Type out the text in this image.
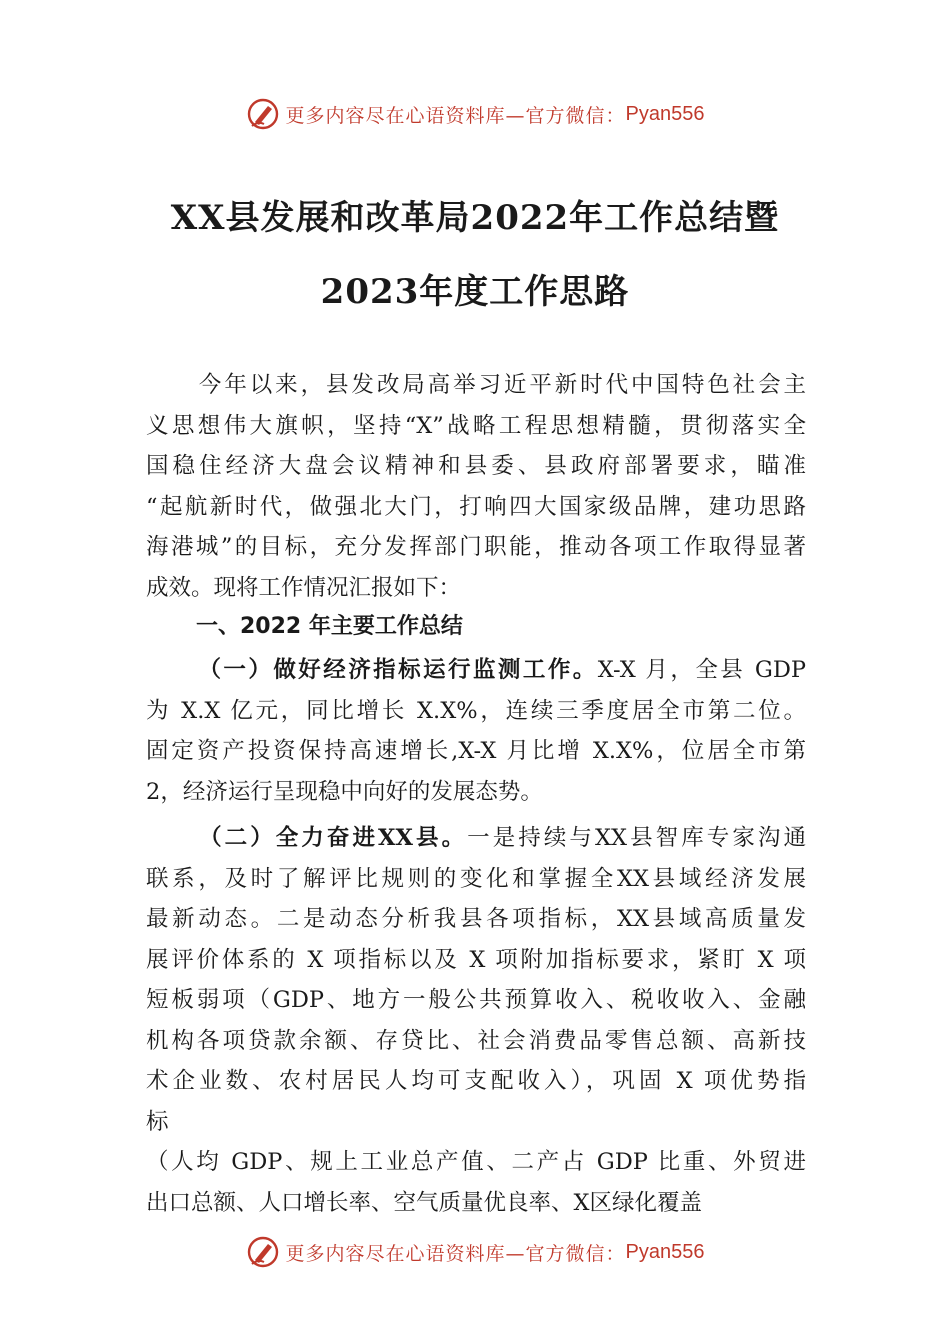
更多内容尽在心语资料库—官方微信： Pyan556
XX县发展和改革局2022年工作总结暨
2023年度工作思路
今年以来，县发改局高举习近平新时代中国特色社会主
义思想伟大旗帜，坚持“X”战略工程思想精髓，贯彻落实全
国稳住经济大盘会议精神和县委、县政府部署要求，瞄准
“起航新时代，做强北大门，打响四大国家级品牌，建功思路
海港城”的目标，充分发挥部门职能，推动各项工作取得显著
成效。现将工作情况汇报如下：
一、2022 年主要工作总结
（一）做好经济指标运行监测工作。X-X 月，全县 GDP
为 X.X 亿元，同比增长 X.X%，连续三季度居全市第二位。
固定资产投资保持高速增长,X-X 月比增 X.X%，位居全市第
2，经济运行呈现稳中向好的发展态势。
（二）全力奋进XX县。一是持续与XX县智库专家沟通
联系，及时了解评比规则的变化和掌握全XX县域经济发展
最新动态。二是动态分析我县各项指标，XX县域高质量发
展评价体系的 X 项指标以及 X 项附加指标要求，紧盯 X 项
短板弱项（GDP、地方一般公共预算收入、税收收入、金融
机构各项贷款余额、存贷比、社会消费品零售总额、高新技
术企业数、农村居民人均可支配收入），巩固 X 项优势指
标
（人均 GDP、规上工业总产值、二产占 GDP 比重、外贸进
出口总额、人口增长率、空气质量优良率、X区绿化覆盖
更多内容尽在心语资料库—官方微信： Pyan556
